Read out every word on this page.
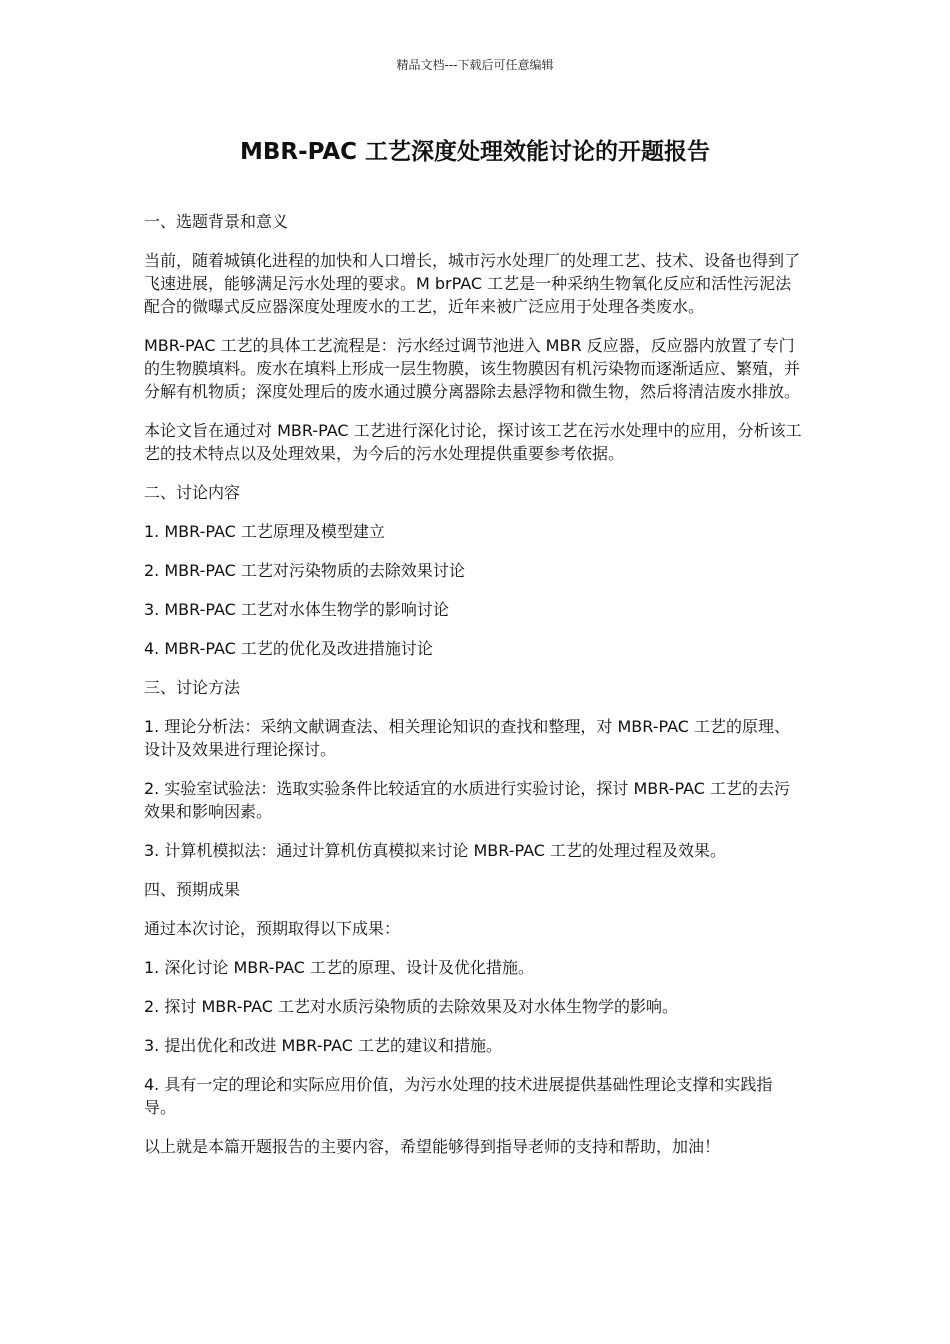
精品文档---下载后可任意编辑
MBR-PAC 工艺深度处理效能讨论的开题报告
一、选题背景和意义

当前，随着城镇化进程的加快和人口增长，城市污水处理厂的处理工艺、技术、设备也得到了飞速进展，能够满足污水处理的要求。M brPAC 工艺是一种采纳生物氧化反应和活性污泥法配合的微曝式反应器深度处理废水的工艺，近年来被广泛应用于处理各类废水。

MBR-PAC 工艺的具体工艺流程是：污水经过调节池进入 MBR 反应器，反应器内放置了专门的生物膜填料。废水在填料上形成一层生物膜，该生物膜因有机污染物而逐渐适应、繁殖，并分解有机物质；深度处理后的废水通过膜分离器除去悬浮物和微生物，然后将清洁废水排放。

本论文旨在通过对 MBR-PAC 工艺进行深化讨论，探讨该工艺在污水处理中的应用，分析该工艺的技术特点以及处理效果，为今后的污水处理提供重要参考依据。

二、讨论内容
1. MBR-PAC 工艺原理及模型建立
2. MBR-PAC 工艺对污染物质的去除效果讨论
3. MBR-PAC 工艺对水体生物学的影响讨论
4. MBR-PAC 工艺的优化及改进措施讨论
三、讨论方法
1. 理论分析法：采纳文献调查法、相关理论知识的查找和整理，对 MBR-PAC 工艺的原理、设计及效果进行理论探讨。
2. 实验室试验法：选取实验条件比较适宜的水质进行实验讨论，探讨 MBR-PAC 工艺的去污效果和影响因素。
3. 计算机模拟法：通过计算机仿真模拟来讨论 MBR-PAC 工艺的处理过程及效果。
四、预期成果

通过本次讨论，预期取得以下成果：

1. 深化讨论 MBR-PAC 工艺的原理、设计及优化措施。
2. 探讨 MBR-PAC 工艺对水质污染物质的去除效果及对水体生物学的影响。
3. 提出优化和改进 MBR-PAC 工艺的建议和措施。
4. 具有一定的理论和实际应用价值，为污水处理的技术进展提供基础性理论支撑和实践指导。

以上就是本篇开题报告的主要内容，希望能够得到指导老师的支持和帮助，加油！
